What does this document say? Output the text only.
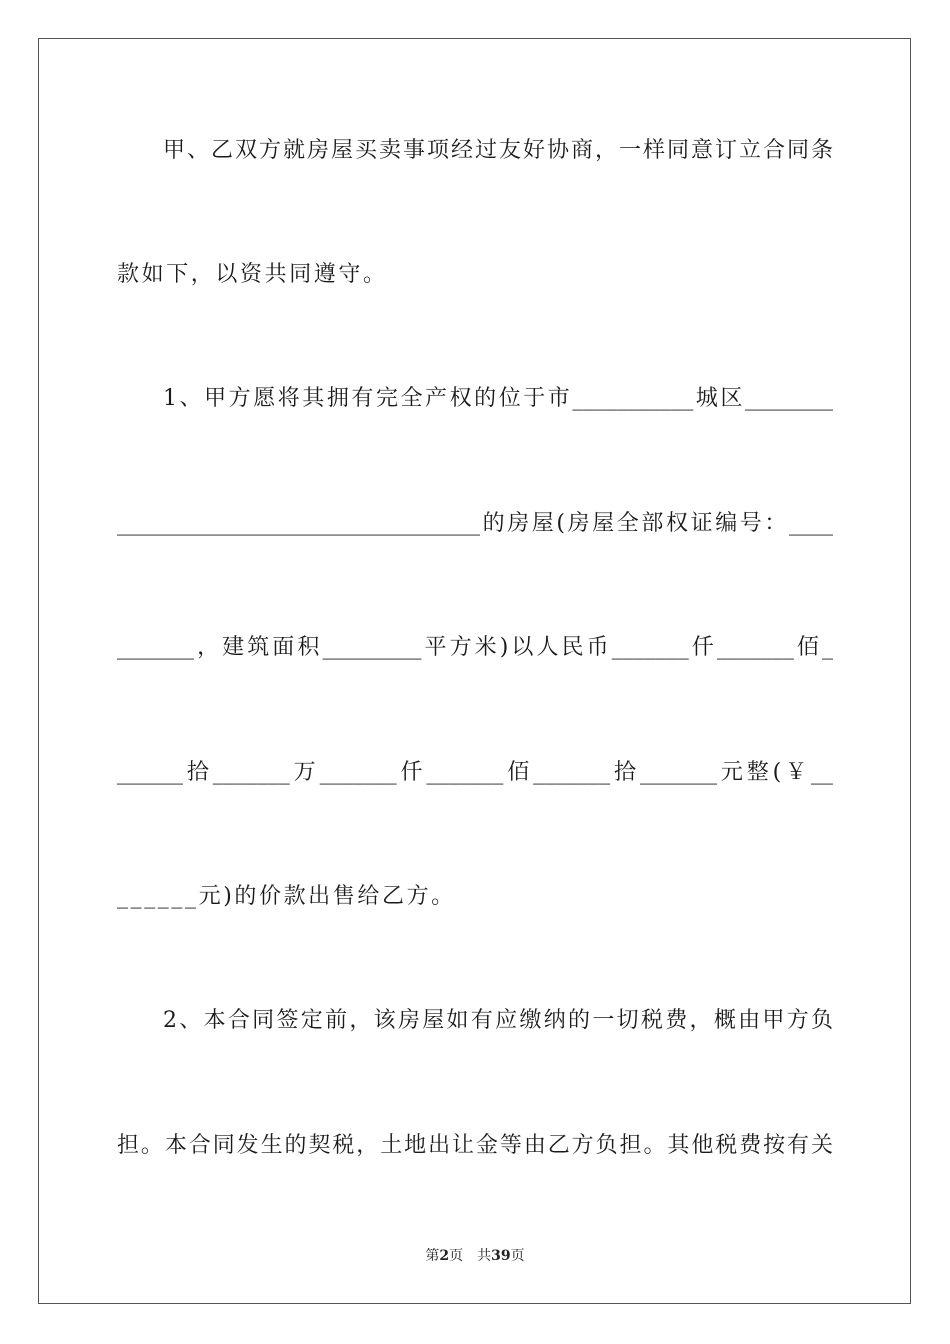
甲、乙双方就房屋买卖事项经过友好协商，一样同意订立合同条
款如下，以资共同遵守。
1、甲方愿将其拥有完全产权的位于市___________城区________
_________________________________的房屋(房屋全部权证编号：____
_______，建筑面积_________平方米)以人民币_______仟_______佰_
______拾_______万_______仟_______佰_______拾_______元整(￥__
______元)的价款出售给乙方。
2、本合同签定前，该房屋如有应缴纳的一切税费，概由甲方负
担。本合同发生的契税，土地出让金等由乙方负担。其他税费按有关
第2页　共39页
